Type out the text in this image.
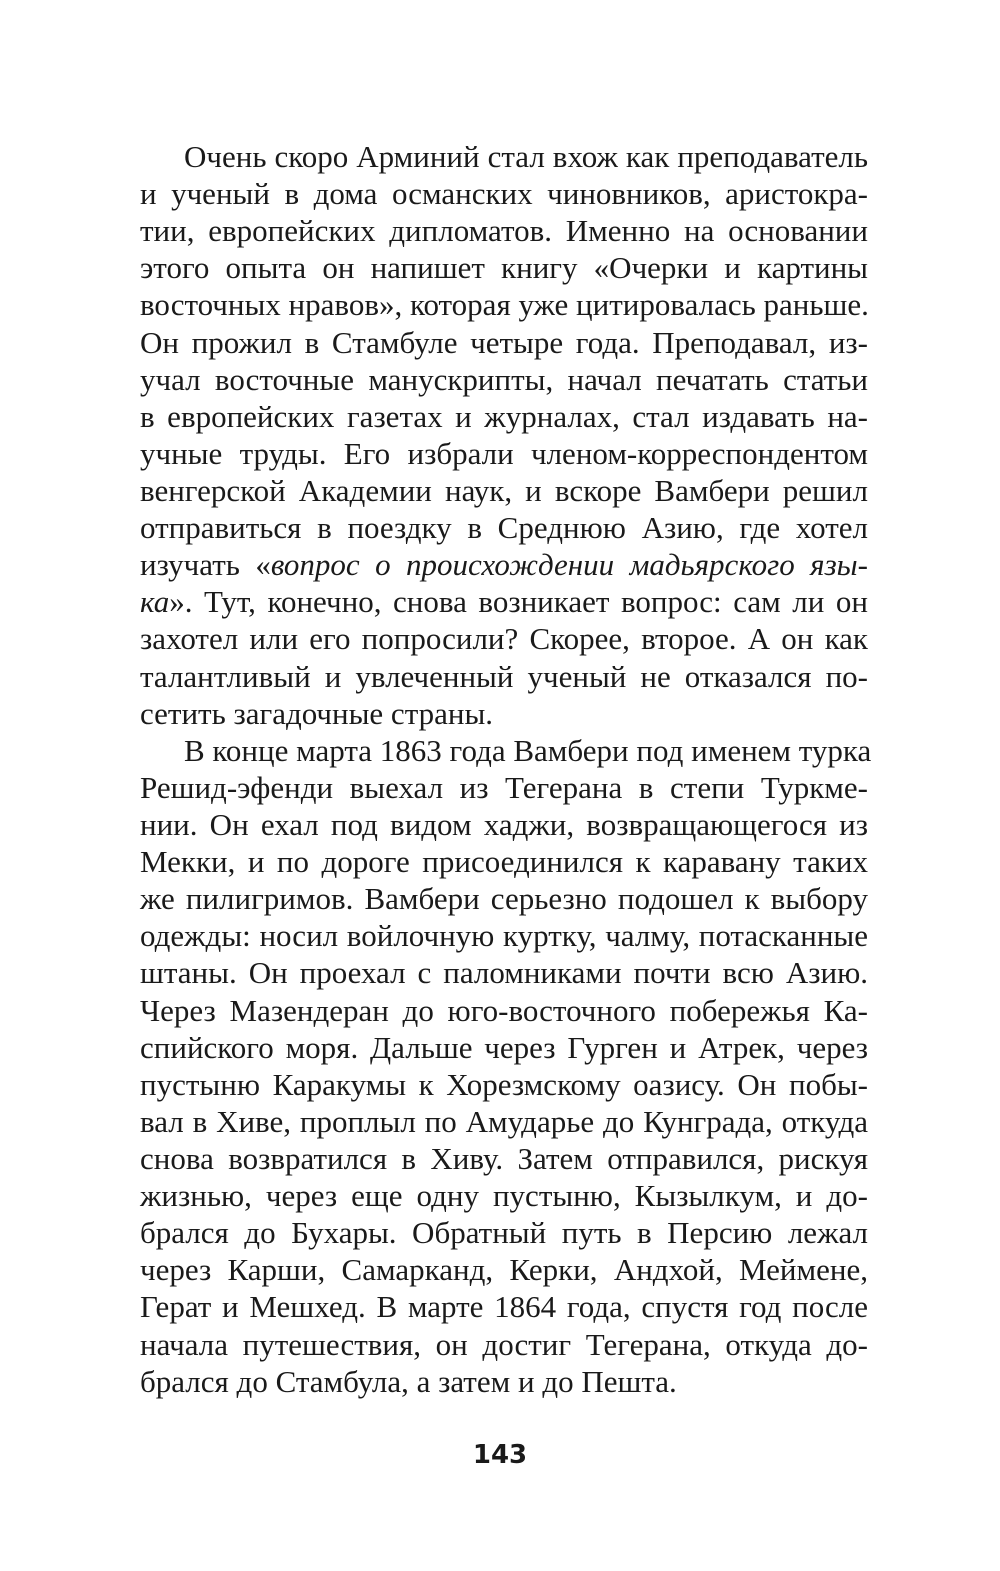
Очень скоро Арминий стал вхож как преподаватель
и ученый в дома османских чиновников, аристокра-
тии, европейских дипломатов. Именно на основании
этого опыта он напишет книгу «Очерки и картины
восточных нравов», которая уже цитировалась раньше.
Он прожил в Стамбуле четыре года. Преподавал, из-
учал восточные манускрипты, начал печатать статьи
в европейских газетах и журналах, стал издавать на-
учные труды. Его избрали членом-корреспондентом
венгерской Академии наук, и вскоре Вамбери решил
отправиться в поездку в Среднюю Азию, где хотел
изучать «вопрос о происхождении мадьярского язы-
ка». Тут, конечно, снова возникает вопрос: сам ли он
захотел или его попросили? Скорее, второе. А он как
талантливый и увлеченный ученый не отказался по-
сетить загадочные страны.
В конце марта 1863 года Вамбери под именем турка
Решид-эфенди выехал из Тегерана в степи Туркме-
нии. Он ехал под видом хаджи, возвращающегося из
Мекки, и по дороге присоединился к каравану таких
же пилигримов. Вамбери серьезно подошел к выбору
одежды: носил войлочную куртку, чалму, потасканные
штаны. Он проехал с паломниками почти всю Азию.
Через Мазендеран до юго-восточного побережья Ка-
спийского моря. Дальше через Гурген и Атрек, через
пустыню Каракумы к Хорезмскому оазису. Он побы-
вал в Хиве, проплыл по Амударье до Кунграда, откуда
снова возвратился в Хиву. Затем отправился, рискуя
жизнью, через еще одну пустыню, Кызылкум, и до-
брался до Бухары. Обратный путь в Персию лежал
через Карши, Самарканд, Керки, Андхой, Меймене,
Герат и Мешхед. В марте 1864 года, спустя год после
начала путешествия, он достиг Тегерана, откуда до-
брался до Стамбула, а затем и до Пешта.
143
